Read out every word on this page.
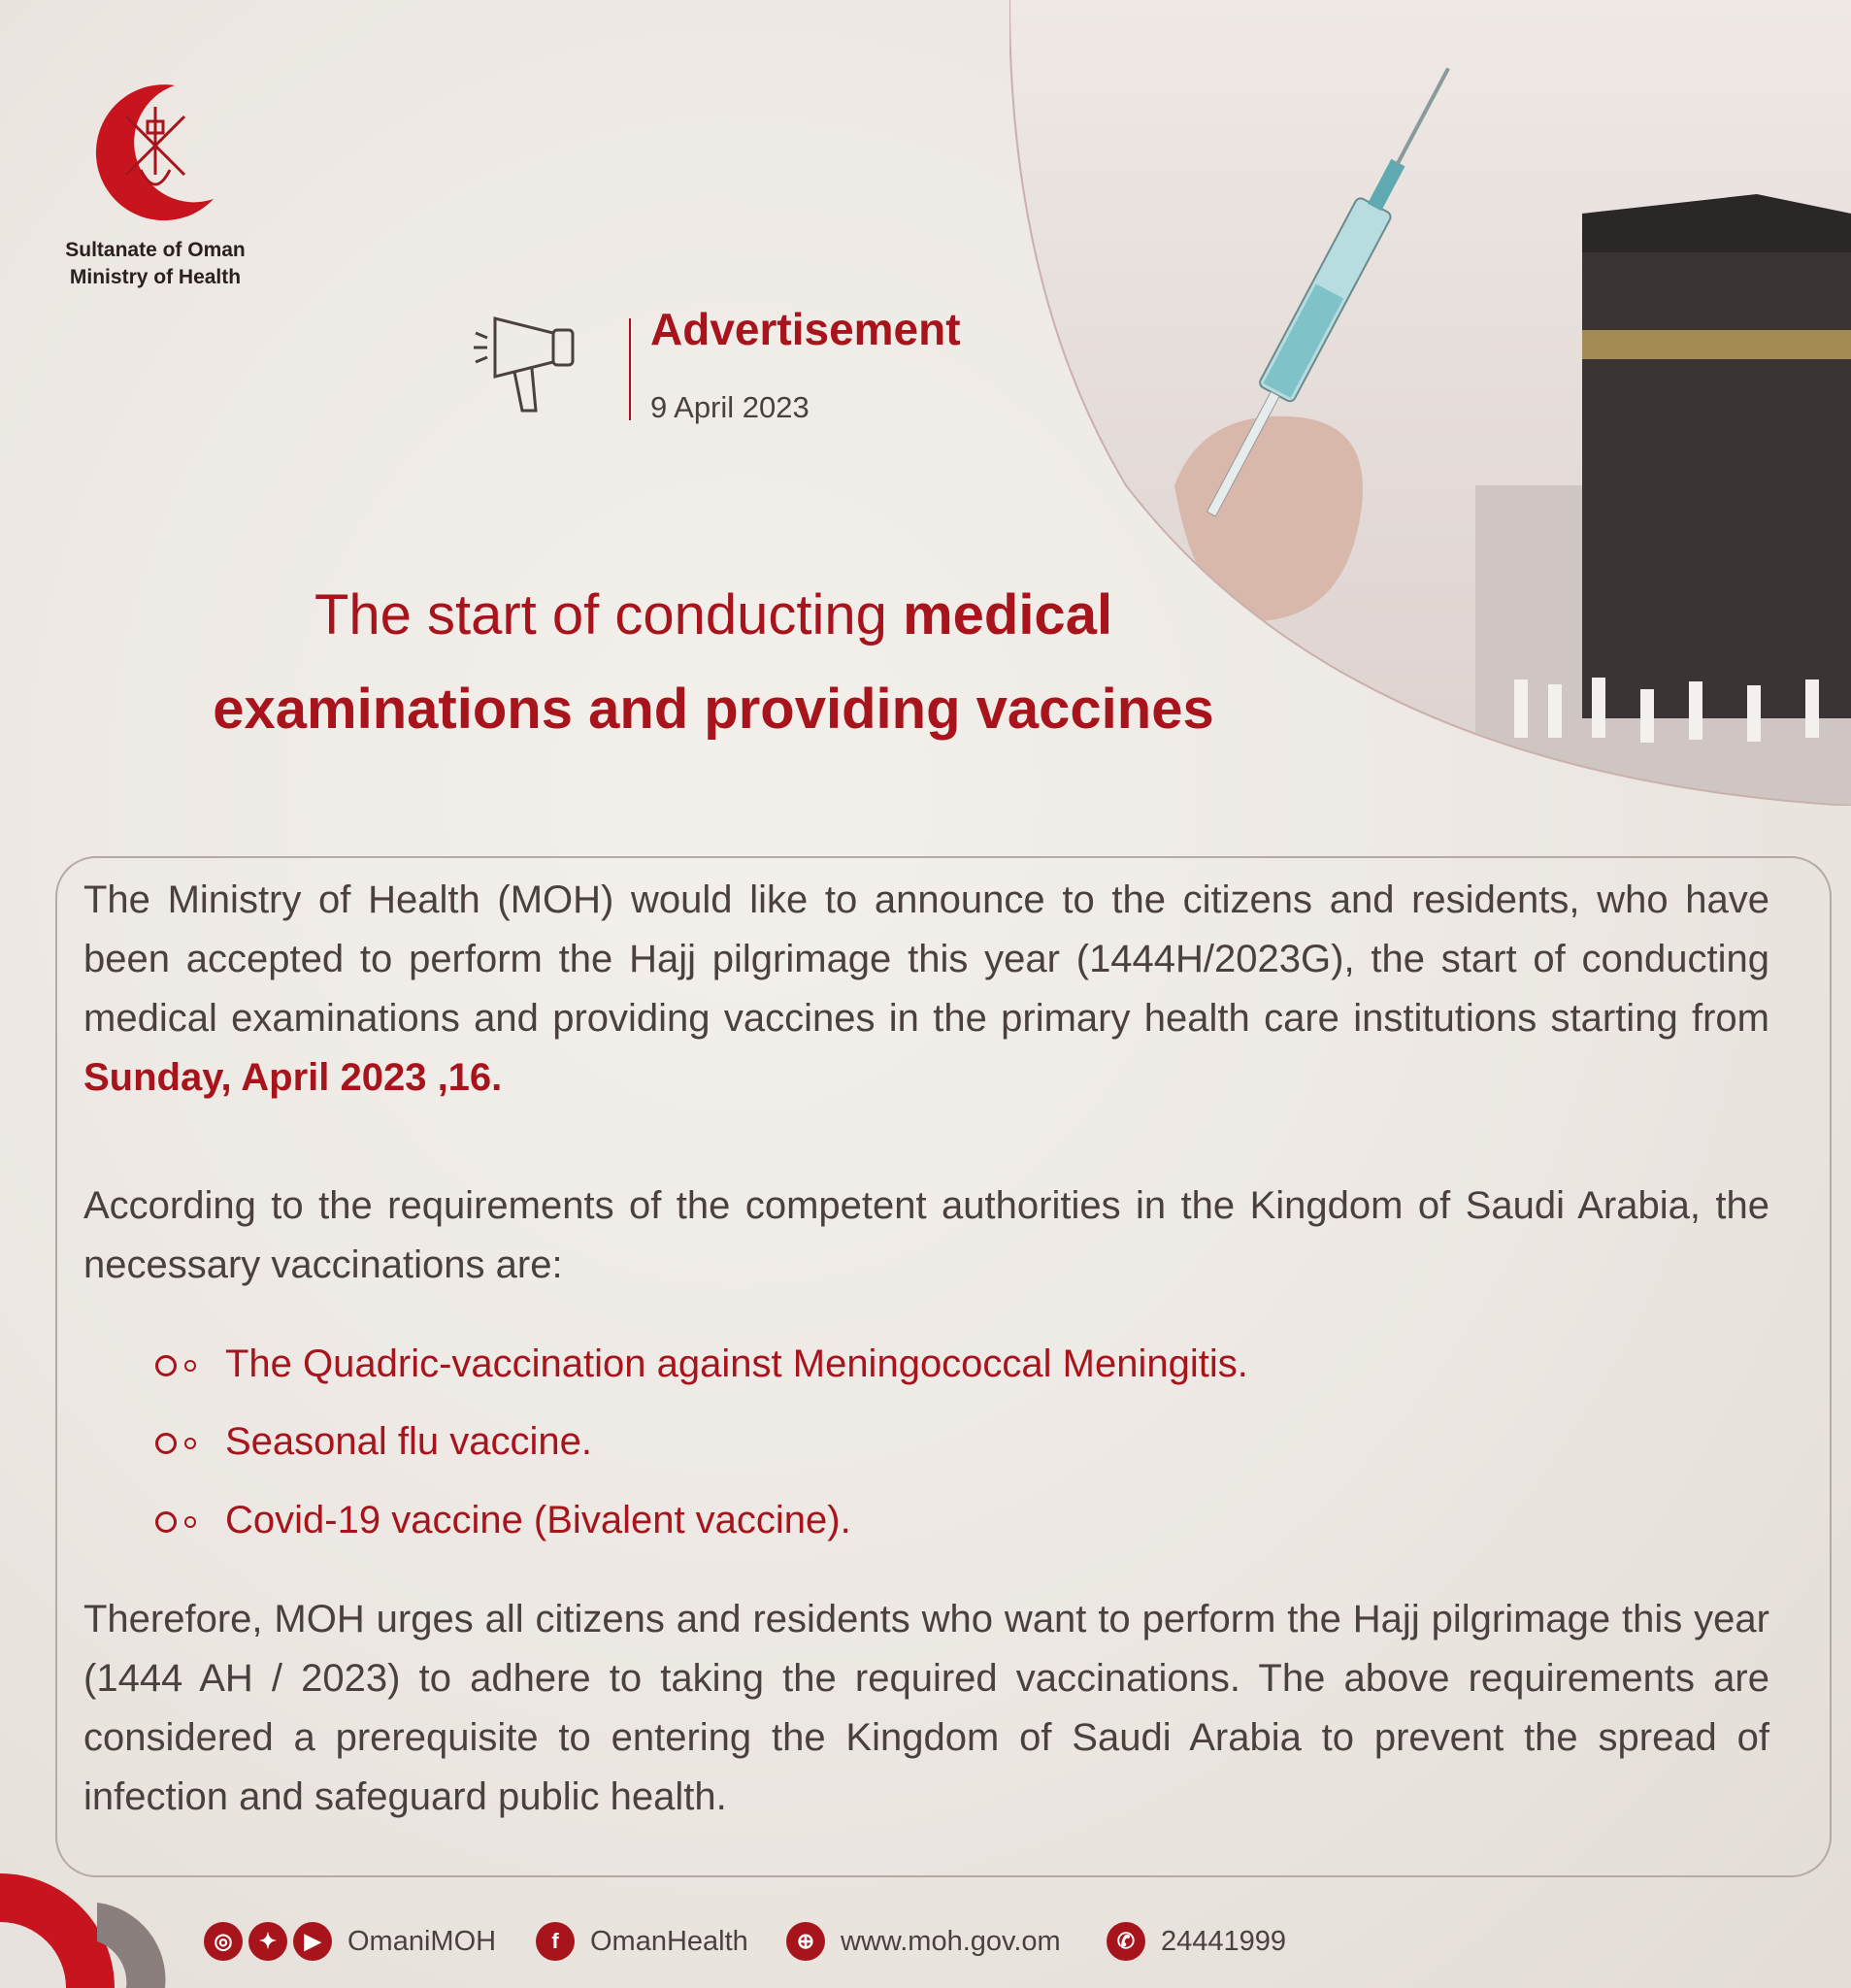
Sultanate of Oman
Ministry of Health
Advertisement
9 April 2023
The start of conducting medical
examinations and providing vaccines
The Ministry of Health (MOH) would like to announce to the citizens and residents, who have been accepted to perform the Hajj pilgrimage this year (1444H/2023G), the start of conducting medical examinations and providing vaccines in the primary health care institutions starting from Sunday, April 2023 ,16.
According to the requirements of the competent authorities in the Kingdom of Saudi Arabia, the necessary vaccinations are:
The Quadric-vaccination against Meningococcal Meningitis.
Seasonal flu vaccine.
Covid-19 vaccine (Bivalent vaccine).
Therefore, MOH urges all citizens and residents who want to perform the Hajj pilgrimage this year (1444 AH / 2023) to adhere to taking the required vaccinations. The above requirements are considered a prerequisite to entering the Kingdom of Saudi Arabia to prevent the spread of infection and safeguard public health.
◎	✦	▶ OmaniMOH	f	OmanHealth	⊕ www.moh.gov.om	✆ 24441999
